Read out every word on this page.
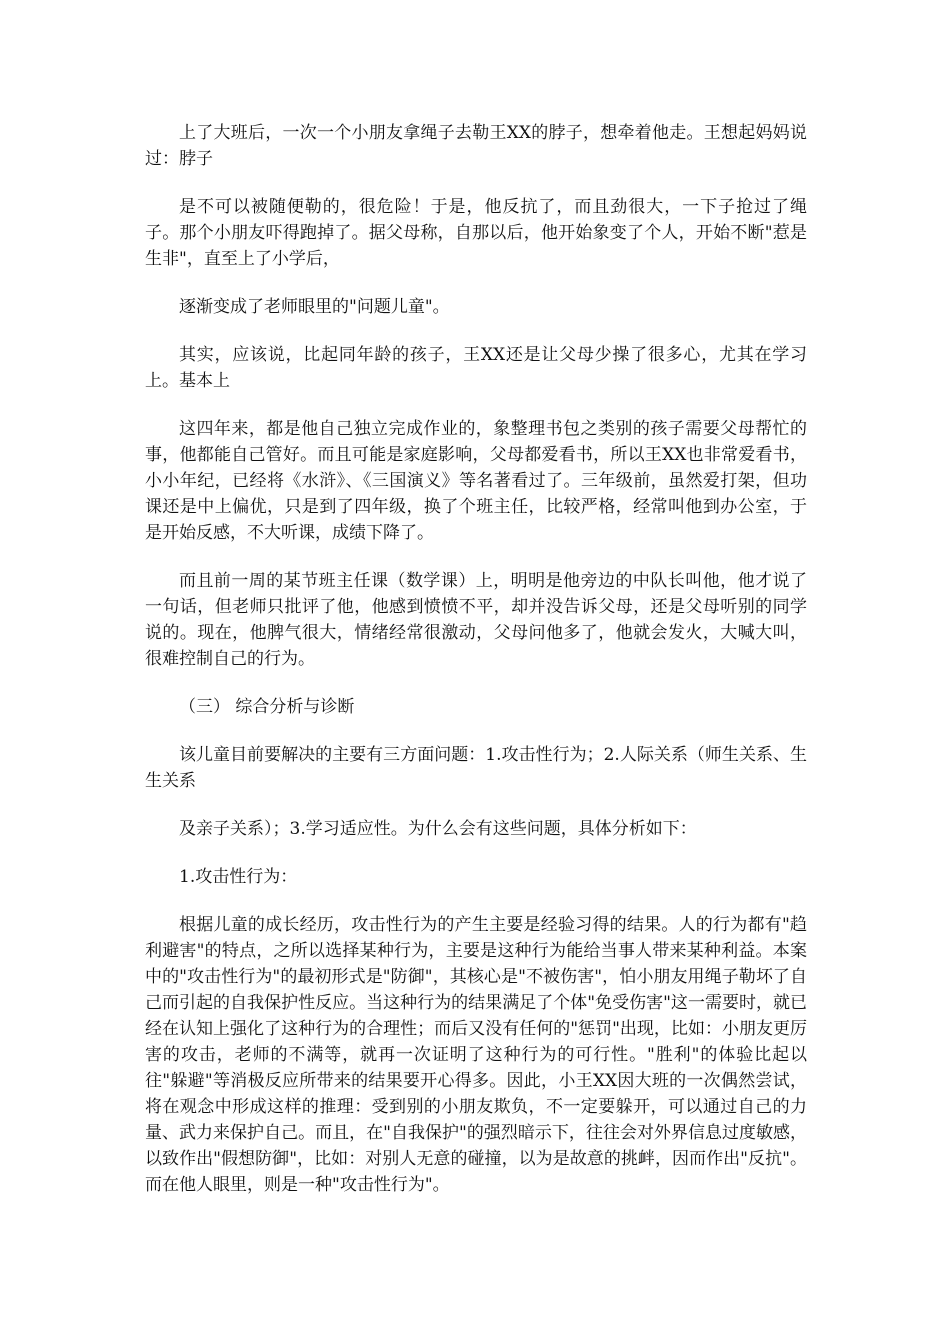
上了大班后，一次一个小朋友拿绳子去勒王XX的脖子，想牵着他走。王想起妈妈说过：脖子

是不可以被随便勒的，很危险！于是，他反抗了，而且劲很大，一下子抢过了绳子。那个小朋友吓得跑掉了。据父母称，自那以后，他开始象变了个人，开始不断"惹是生非"，直至上了小学后，

逐渐变成了老师眼里的"问题儿童"。

其实，应该说，比起同年龄的孩子，王XX还是让父母少操了很多心，尤其在学习上。基本上

这四年来，都是他自己独立完成作业的，象整理书包之类别的孩子需要父母帮忙的事，他都能自己管好。而且可能是家庭影响，父母都爱看书，所以王XX也非常爱看书，小小年纪，已经将《水浒》、《三国演义》等名著看过了。三年级前，虽然爱打架，但功课还是中上偏优，只是到了四年级，换了个班主任，比较严格，经常叫他到办公室，于是开始反感，不大听课，成绩下降了。

而且前一周的某节班主任课（数学课）上，明明是他旁边的中队长叫他，他才说了一句话，但老师只批评了他，他感到愤愤不平，却并没告诉父母，还是父母听别的同学说的。现在，他脾气很大，情绪经常很激动，父母问他多了，他就会发火，大喊大叫，很难控制自己的行为。

（三） 综合分析与诊断

该儿童目前要解决的主要有三方面问题：1.攻击性行为；2.人际关系（师生关系、生生关系

及亲子关系）；3.学习适应性。为什么会有这些问题，具体分析如下：

1.攻击性行为：

根据儿童的成长经历，攻击性行为的产生主要是经验习得的结果。人的行为都有"趋利避害"的特点，之所以选择某种行为，主要是这种行为能给当事人带来某种利益。本案中的"攻击性行为"的最初形式是"防御"，其核心是"不被伤害"，怕小朋友用绳子勒坏了自己而引起的自我保护性反应。当这种行为的结果满足了个体"免受伤害"这一需要时，就已经在认知上强化了这种行为的合理性；而后又没有任何的"惩罚"出现，比如：小朋友更厉害的攻击，老师的不满等，就再一次证明了这种行为的可行性。"胜利"的体验比起以往"躲避"等消极反应所带来的结果要开心得多。因此，小王XX因大班的一次偶然尝试，将在观念中形成这样的推理：受到别的小朋友欺负，不一定要躲开，可以通过自己的力量、武力来保护自己。而且，在"自我保护"的强烈暗示下，往往会对外界信息过度敏感，以致作出"假想防御"，比如：对别人无意的碰撞，以为是故意的挑衅，因而作出"反抗"。而在他人眼里，则是一种"攻击性行为"。
